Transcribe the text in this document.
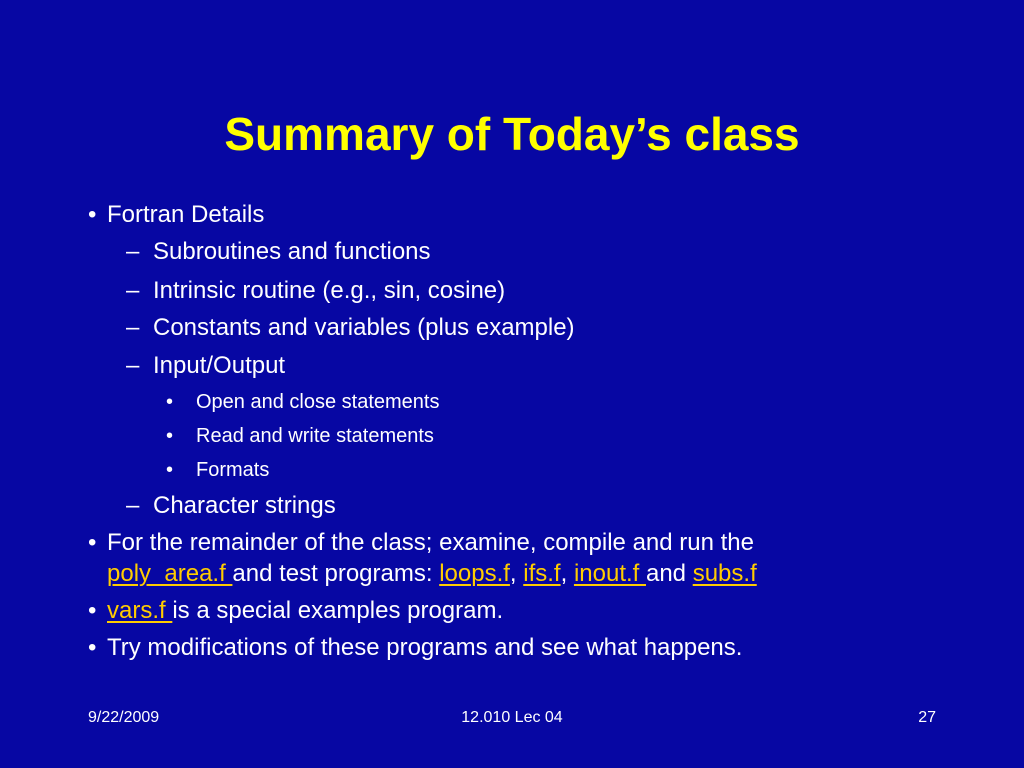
Summary of Today’s class
• Fortran Details
– Subroutines and functions
– Intrinsic routine (e.g., sin, cosine)
– Constants and variables (plus example)
– Input/Output
• Open and close statements
• Read and write statements
• Formats
– Character strings
• For the remainder of the class; examine, compile and run the
poly_area.f and test programs: loops.f, ifs.f, inout.f and subs.f
• vars.f is a special examples program.
• Try modifications of these programs and see what happens.
9/22/2009	12.010 Lec 04	27
